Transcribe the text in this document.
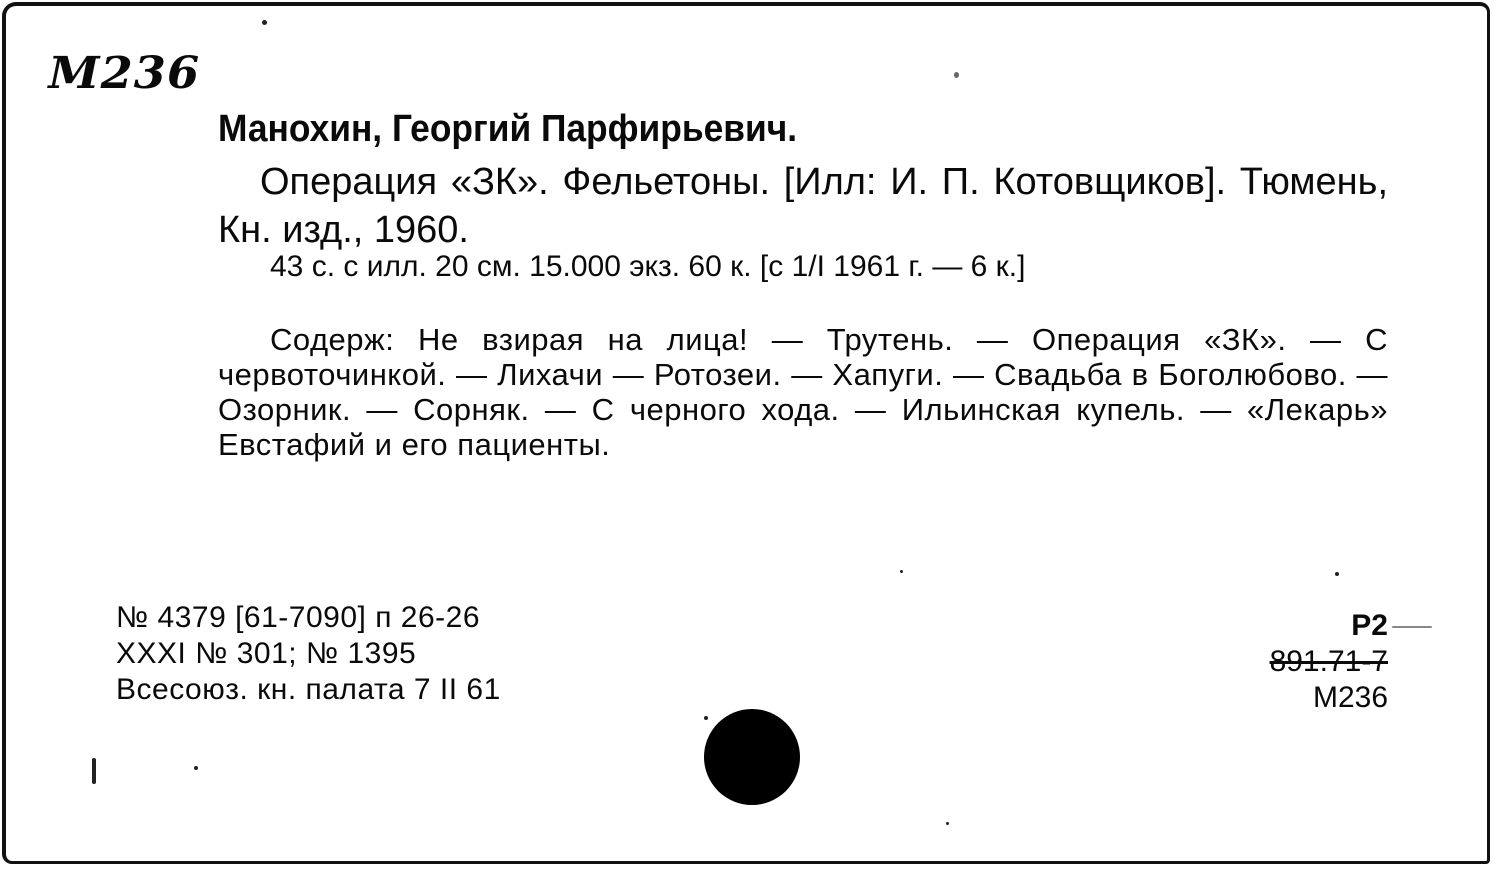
M236
Манохин, Георгий Парфирьевич.
Операция «ЗК». Фельетоны. [Илл: И. П. Котовщиков]. Тюмень, Кн. изд., 1960.
43 с. с илл. 20 см. 15.000 экз. 60 к. [с 1/I 1961 г. — 6 к.]
Содерж: Не взирая на лица! — Трутень. — Операция «ЗК». — С червоточинкой. — Лихачи — Ротозеи. — Хапуги. — Свадьба в Боголюбово. — Озорник. — Сорняк. — С черного хода. — Ильинская купель. — «Лекарь» Евстафий и его пациенты.
№ 4379 [61-7090] п 26-26
XXXI № 301; № 1395
Всесоюз. кн. палата 7 II 61
Р2
891.71-7
М236
